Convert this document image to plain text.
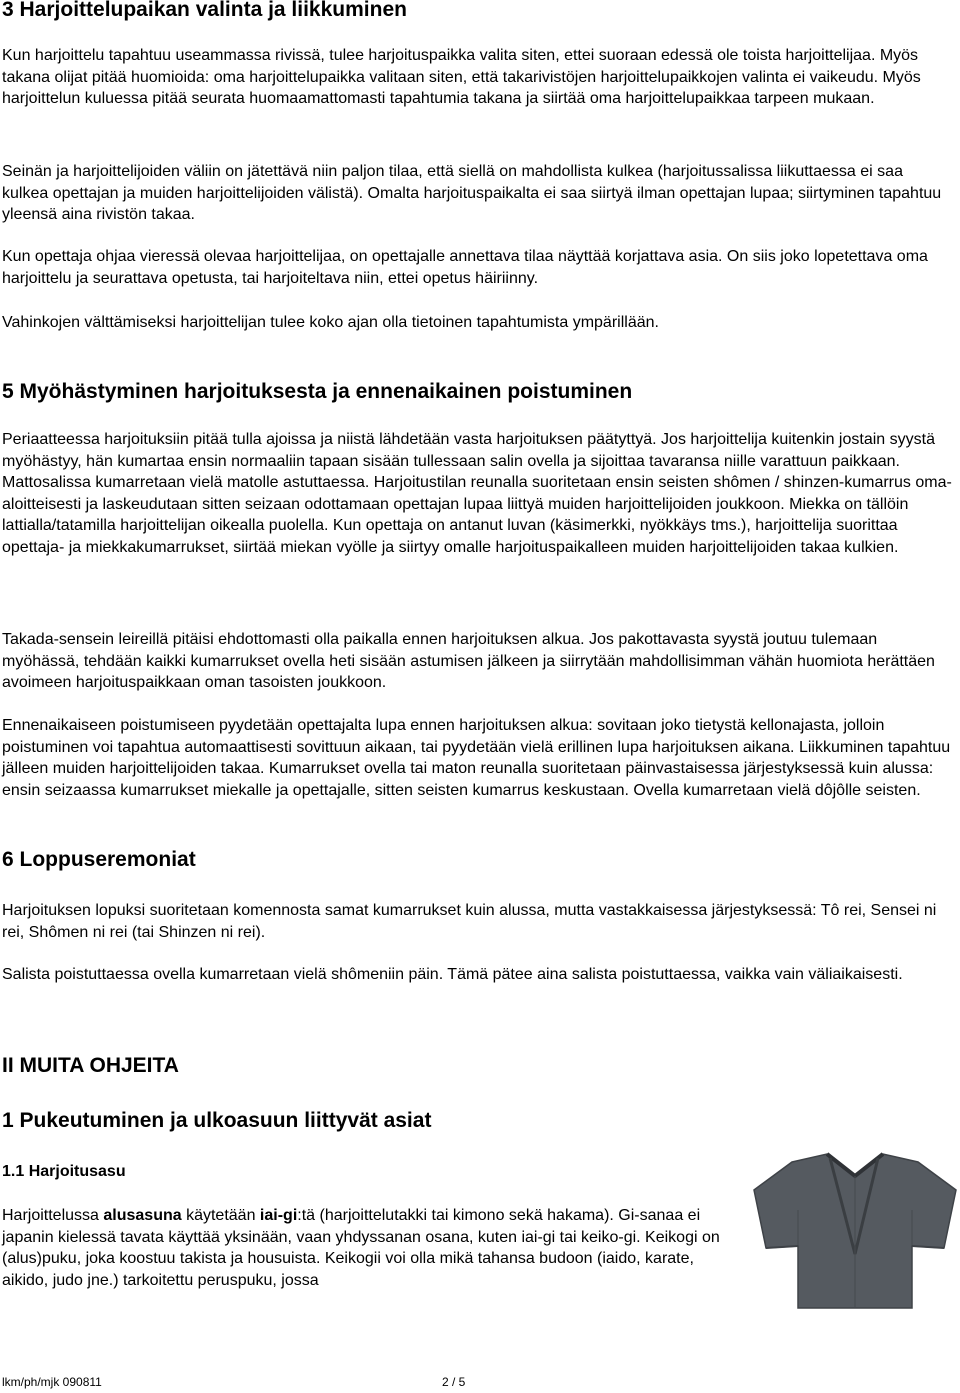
3 Harjoittelupaikan valinta ja liikkuminen

Kun harjoittelu tapahtuu useammassa rivissä, tulee harjoituspaikka valita siten, ettei suoraan edessä ole toista harjoittelijaa. Myös takana olijat pitää huomioida: oma harjoittelupaikka valitaan siten, että takarivistöjen harjoittelupaikkojen valinta ei vaikeudu. Myös harjoittelun kuluessa pitää seurata huomaamattomasti tapahtumia takana ja siirtää oma harjoittelupaikkaa tarpeen mukaan.

Seinän ja harjoittelijoiden väliin on jätettävä niin paljon tilaa, että siellä on mahdollista kulkea (harjoitussalissa liikuttaessa ei saa kulkea opettajan ja muiden harjoittelijoiden välistä). Omalta harjoituspaikalta ei saa siirtyä ilman opettajan lupaa; siirtyminen tapahtuu yleensä aina rivistön takaa.

Kun opettaja ohjaa vieressä olevaa harjoittelijaa, on opettajalle annettava tilaa näyttää korjattava asia. On siis joko lopetettava oma harjoittelu ja seurattava opetusta, tai harjoiteltava niin, ettei opetus häiriinny.

Vahinkojen välttämiseksi harjoittelijan tulee koko ajan olla tietoinen tapahtumista ympärillään.

5 Myöhästyminen harjoituksesta ja ennenaikainen poistuminen

Periaatteessa harjoituksiin pitää tulla ajoissa ja niistä lähdetään vasta harjoituksen päätyttyä. Jos harjoittelija kuitenkin jostain syystä myöhästyy, hän kumartaa ensin normaaliin tapaan sisään tullessaan salin ovella ja sijoittaa tavaransa niille varattuun paikkaan. Mattosalissa kumarretaan vielä matolle astuttaessa. Harjoitustilan reunalla suoritetaan ensin seisten shômen / shinzen-kumarrus oma-aloitteisesti ja laskeudutaan sitten seizaan odottamaan opettajan lupaa liittyä muiden harjoittelijoiden joukkoon. Miekka on tällöin lattialla/tatamilla harjoittelijan oikealla puolella. Kun opettaja on antanut luvan (käsimerkki, nyökkäys tms.), harjoittelija suorittaa opettaja- ja miekkakumarrukset, siirtää miekan vyölle ja siirtyy omalle harjoituspaikalleen muiden harjoittelijoiden takaa kulkien.

Takada-sensein leireillä pitäisi ehdottomasti olla paikalla ennen harjoituksen alkua. Jos pakottavasta syystä joutuu tulemaan myöhässä, tehdään kaikki kumarrukset ovella heti sisään astumisen jälkeen ja siirrytään mahdollisimman vähän huomiota herättäen avoimeen harjoituspaikkaan oman tasoisten joukkoon.

Ennenaikaiseen poistumiseen pyydetään opettajalta lupa ennen harjoituksen alkua: sovitaan joko tietystä kellonajasta, jolloin poistuminen voi tapahtua automaattisesti sovittuun aikaan, tai pyydetään vielä erillinen lupa harjoituksen aikana. Liikkuminen tapahtuu jälleen muiden harjoittelijoiden takaa. Kumarrukset ovella tai maton reunalla suoritetaan päinvastaisessa järjestyksessä kuin alussa: ensin seizaassa kumarrukset miekalle ja opettajalle, sitten seisten kumarrus keskustaan. Ovella kumarretaan vielä dôjôlle seisten.

6 Loppuseremoniat

Harjoituksen lopuksi suoritetaan komennosta samat kumarrukset kuin alussa, mutta vastakkaisessa järjestyksessä: Tô rei, Sensei ni rei, Shômen ni rei (tai Shinzen ni rei).

Salista poistuttaessa ovella kumarretaan vielä shômeniin päin. Tämä pätee aina salista poistuttaessa, vaikka vain väliaikaisesti.

II MUITA OHJEITA
1 Pukeutuminen ja ulkoasuun liittyvät asiat
1.1 Harjoitusasu

Harjoittelussa alusasuna käytetään iai-gi:tä (harjoittelutakki tai kimono sekä hakama). Gi-sanaa ei japanin kielessä tavata käyttää yksinään, vaan yhdyssanan osana, kuten iai-gi tai keiko-gi. Keikogi on (alus)puku, joka koostuu takista ja housuista. Keikogii voi olla mikä tahansa budoon (iaido, karate, aikido, judo jne.) tarkoitettu peruspuku, jossa

lkm/ph/mjk 090811	2 / 5
